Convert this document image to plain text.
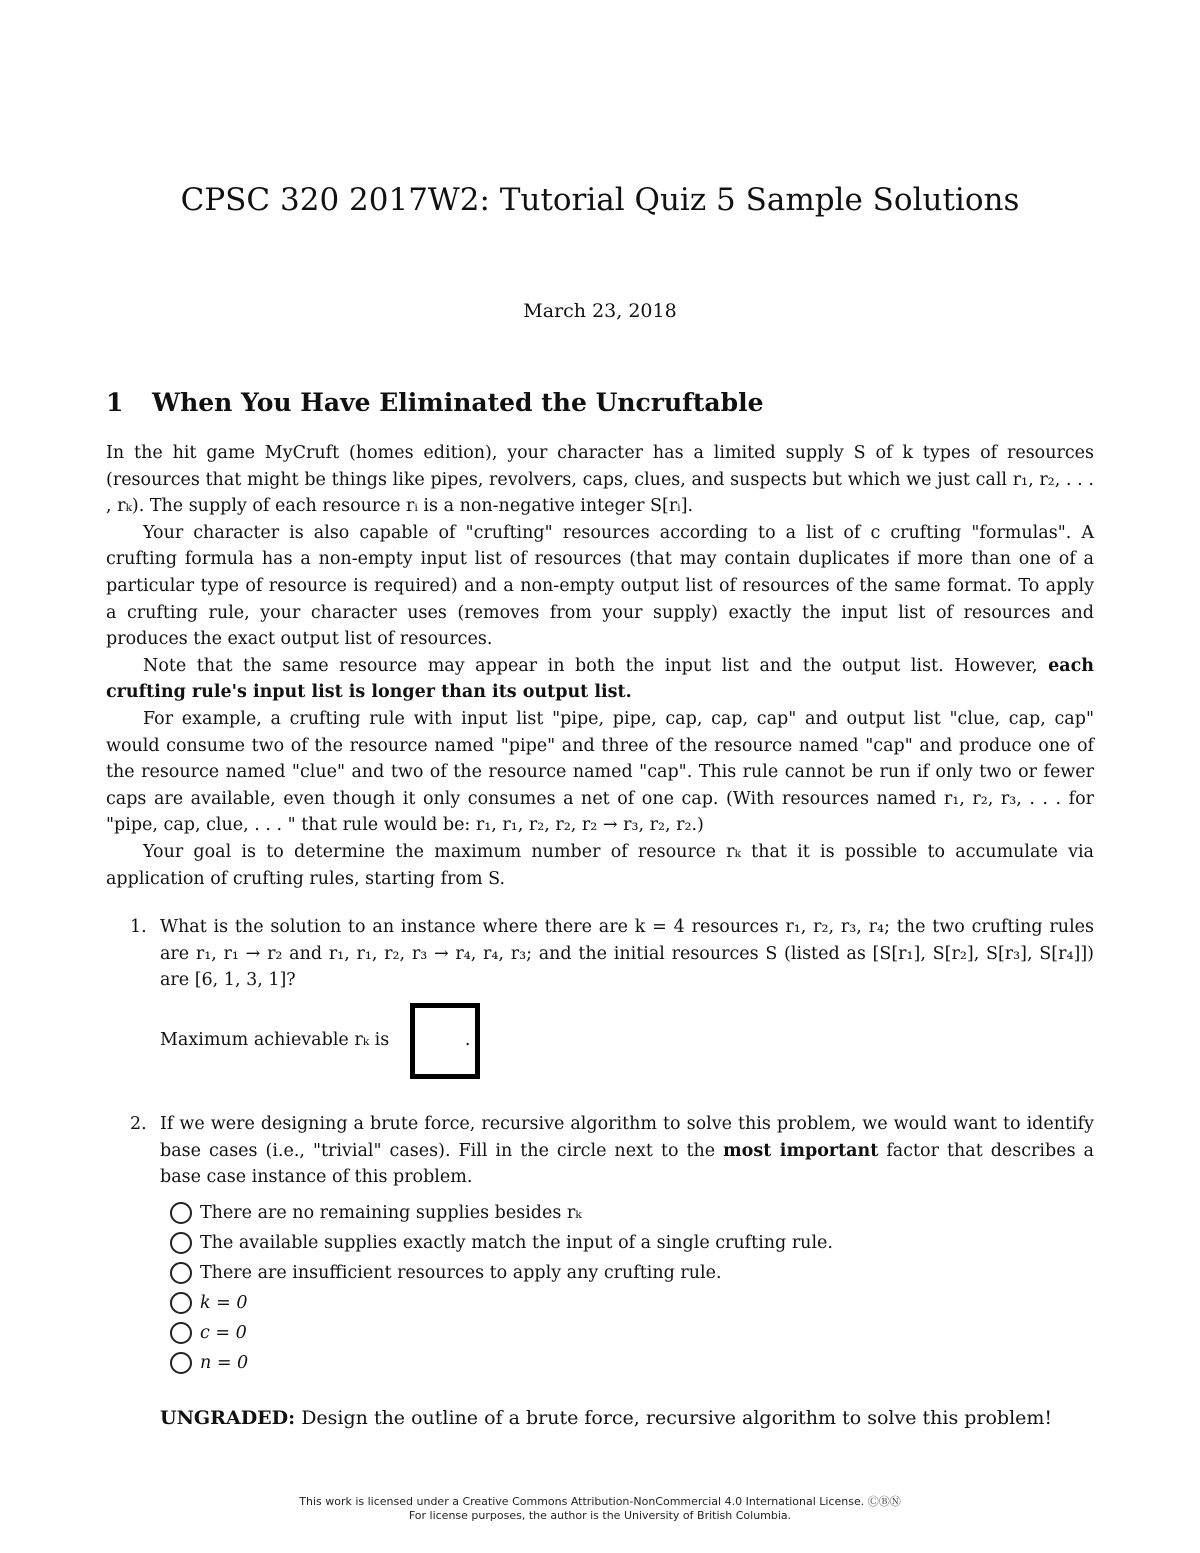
CPSC 320 2017W2: Tutorial Quiz 5 Sample Solutions
March 23, 2018
1 When You Have Eliminated the Uncruftable

In the hit game MyCruft (homes edition), your character has a limited supply S of k types of resources (resources that might be things like pipes, revolvers, caps, clues, and suspects but which we just call r₁, r₂, . . . , rₖ). The supply of each resource rᵢ is a non-negative integer S[rᵢ].

Your character is also capable of "crufting" resources according to a list of c crufting "formulas". A crufting formula has a non-empty input list of resources (that may contain duplicates if more than one of a particular type of resource is required) and a non-empty output list of resources of the same format. To apply a crufting rule, your character uses (removes from your supply) exactly the input list of resources and produces the exact output list of resources.

Note that the same resource may appear in both the input list and the output list. However, each crufting rule's input list is longer than its output list.

For example, a crufting rule with input list "pipe, pipe, cap, cap, cap" and output list "clue, cap, cap" would consume two of the resource named "pipe" and three of the resource named "cap" and produce one of the resource named "clue" and two of the resource named "cap". This rule cannot be run if only two or fewer caps are available, even though it only consumes a net of one cap. (With resources named r₁, r₂, r₃, . . . for "pipe, cap, clue, . . . " that rule would be: r₁, r₁, r₂, r₂, r₂ → r₃, r₂, r₂.)

Your goal is to determine the maximum number of resource rₖ that it is possible to accumulate via application of crufting rules, starting from S.

1. What is the solution to an instance where there are k = 4 resources r₁, r₂, r₃, r₄; the two crufting rules are r₁, r₁ → r₂ and r₁, r₁, r₂, r₃ → r₄, r₄, r₃; and the initial resources S (listed as [S[r₁], S[r₂], S[r₃], S[r₄]]) are [6, 1, 3, 1]?
Maximum achievable rₖ is	.
2. If we were designing a brute force, recursive algorithm to solve this problem, we would want to identify base cases (i.e., "trivial" cases). Fill in the circle next to the most important factor that describes a base case instance of this problem.
There are no remaining supplies besides rₖ
The available supplies exactly match the input of a single crufting rule.
There are insufficient resources to apply any crufting rule.
k = 0
c = 0
n = 0
UNGRADED: Design the outline of a brute force, recursive algorithm to solve this problem!
This work is licensed under a Creative Commons Attribution-NonCommercial 4.0 International License. ⒸⒷⓃ
For license purposes, the author is the University of British Columbia.
